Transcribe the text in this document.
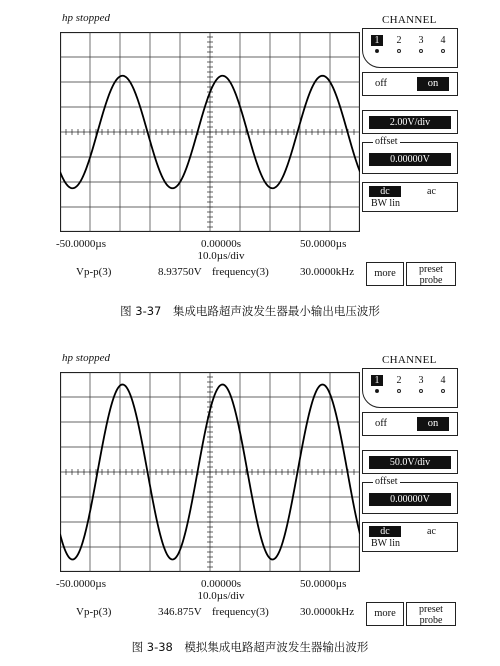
hp stopped
-50.0000µs	0.00000s
10.0µs/div
50.0000µs
Vp-p(3)	8.93750V frequency(3)	30.0000kHz	more	preset
probe
CHANNEL
1	2	3	4
off	on
2.00V/div
offset
0.00000V
dc	ac
BW lin
图 3-37　集成电路超声波发生器最小输出电压波形
hp stopped
-50.0000µs	0.00000s
10.0µs/div
50.0000µs
Vp-p(3)	346.875V frequency(3)	30.0000kHz	more	preset
probe
CHANNEL
1	2	3	4
off	on
50.0V/div
offset
0.00000V
dc	ac
BW lin
图 3-38　模拟集成电路超声波发生器输出波形
